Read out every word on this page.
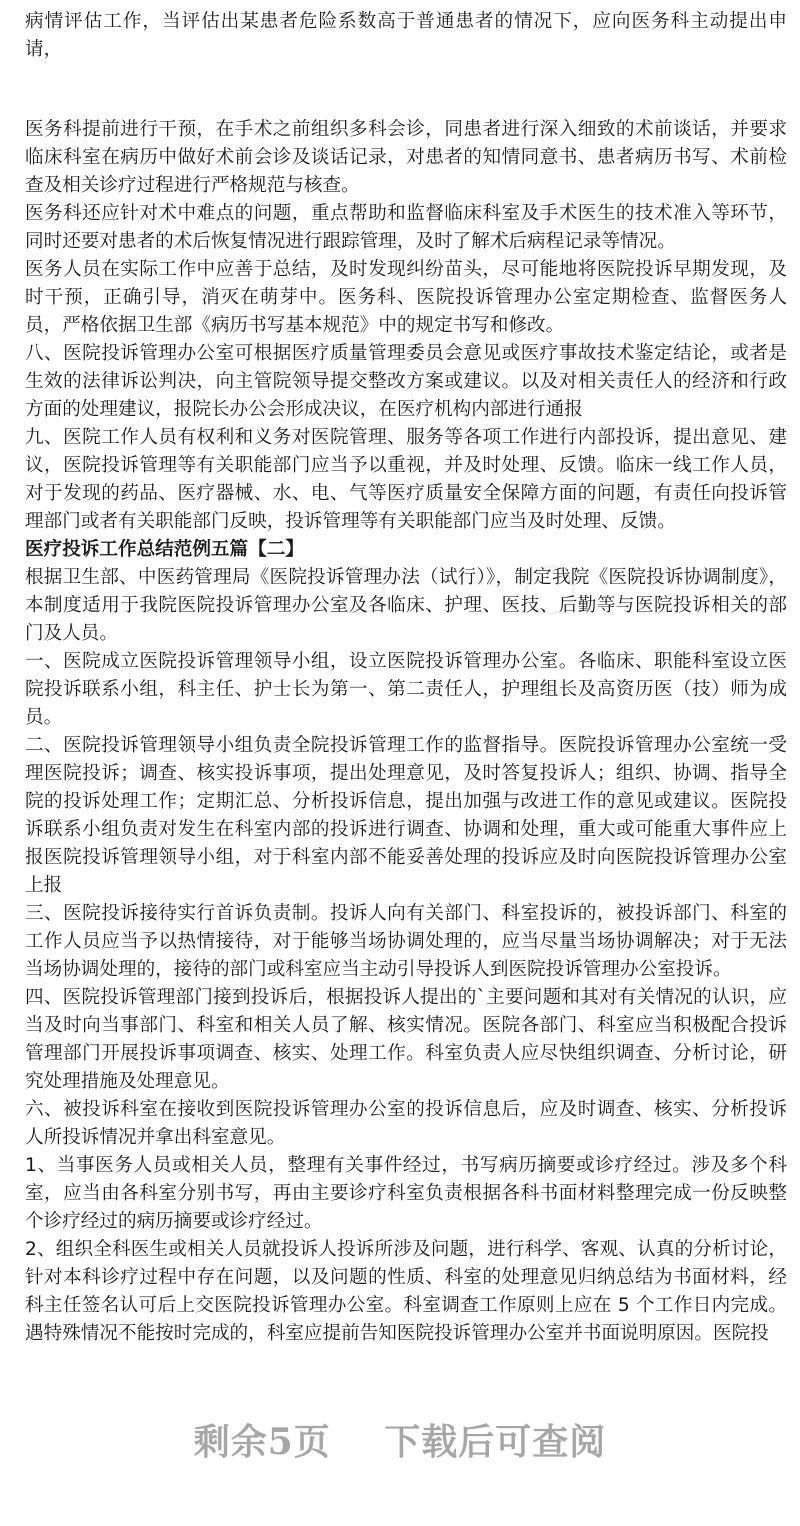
病情评估工作，当评估出某患者危险系数高于普通患者的情况下，应向医务科主动提出申请，

医务科提前进行干预，在手术之前组织多科会诊，同患者进行深入细致的术前谈话，并要求临床科室在病历中做好术前会诊及谈话记录，对患者的知情同意书、患者病历书写、术前检查及相关诊疗过程进行严格规范与核查。

医务科还应针对术中难点的问题，重点帮助和监督临床科室及手术医生的技术准入等环节，同时还要对患者的术后恢复情况进行跟踪管理，及时了解术后病程记录等情况。

医务人员在实际工作中应善于总结，及时发现纠纷苗头，尽可能地将医院投诉早期发现，及时干预，正确引导，消灭在萌芽中。医务科、医院投诉管理办公室定期检查、监督医务人员，严格依据卫生部《病历书写基本规范》中的规定书写和修改。

八、医院投诉管理办公室可根据医疗质量管理委员会意见或医疗事故技术鉴定结论，或者是生效的法律诉讼判决，向主管院领导提交整改方案或建议。以及对相关责任人的经济和行政方面的处理建议，报院长办公会形成决议，在医疗机构内部进行通报

九、医院工作人员有权利和义务对医院管理、服务等各项工作进行内部投诉，提出意见、建议，医院投诉管理等有关职能部门应当予以重视，并及时处理、反馈。临床一线工作人员，对于发现的药品、医疗器械、水、电、气等医疗质量安全保障方面的问题，有责任向投诉管理部门或者有关职能部门反映，投诉管理等有关职能部门应当及时处理、反馈。

医疗投诉工作总结范例五篇【二】

根据卫生部、中医药管理局《医院投诉管理办法（试行）》，制定我院《医院投诉协调制度》，本制度适用于我院医院投诉管理办公室及各临床、护理、医技、后勤等与医院投诉相关的部门及人员。

一、医院成立医院投诉管理领导小组，设立医院投诉管理办公室。各临床、职能科室设立医院投诉联系小组，科主任、护士长为第一、第二责任人，护理组长及高资历医（技）师为成员。

二、医院投诉管理领导小组负责全院投诉管理工作的监督指导。医院投诉管理办公室统一受理医院投诉；调查、核实投诉事项，提出处理意见，及时答复投诉人；组织、协调、指导全院的投诉处理工作；定期汇总、分析投诉信息，提出加强与改进工作的意见或建议。医院投诉联系小组负责对发生在科室内部的投诉进行调查、协调和处理，重大或可能重大事件应上报医院投诉管理领导小组，对于科室内部不能妥善处理的投诉应及时向医院投诉管理办公室上报

三、医院投诉接待实行首诉负责制。投诉人向有关部门、科室投诉的，被投诉部门、科室的工作人员应当予以热情接待，对于能够当场协调处理的，应当尽量当场协调解决；对于无法当场协调处理的，接待的部门或科室应当主动引导投诉人到医院投诉管理办公室投诉。

四、医院投诉管理部门接到投诉后，根据投诉人提出的`主要问题和其对有关情况的认识，应当及时向当事部门、科室和相关人员了解、核实情况。医院各部门、科室应当积极配合投诉管理部门开展投诉事项调查、核实、处理工作。科室负责人应尽快组织调查、分析讨论，研究处理措施及处理意见。

六、被投诉科室在接收到医院投诉管理办公室的投诉信息后，应及时调查、核实、分析投诉人所投诉情况并拿出科室意见。

1、当事医务人员或相关人员，整理有关事件经过，书写病历摘要或诊疗经过。涉及多个科室，应当由各科室分别书写，再由主要诊疗科室负责根据各科书面材料整理完成一份反映整个诊疗经过的病历摘要或诊疗经过。

2、组织全科医生或相关人员就投诉人投诉所涉及问题，进行科学、客观、认真的分析讨论，针对本科诊疗过程中存在问题，以及问题的性质、科室的处理意见归纳总结为书面材料，经科主任签名认可后上交医院投诉管理办公室。科室调查工作原则上应在 5 个工作日内完成。遇特殊情况不能按时完成的，科室应提前告知医院投诉管理办公室并书面说明原因。医院投

剩余5页 下载后可查阅
